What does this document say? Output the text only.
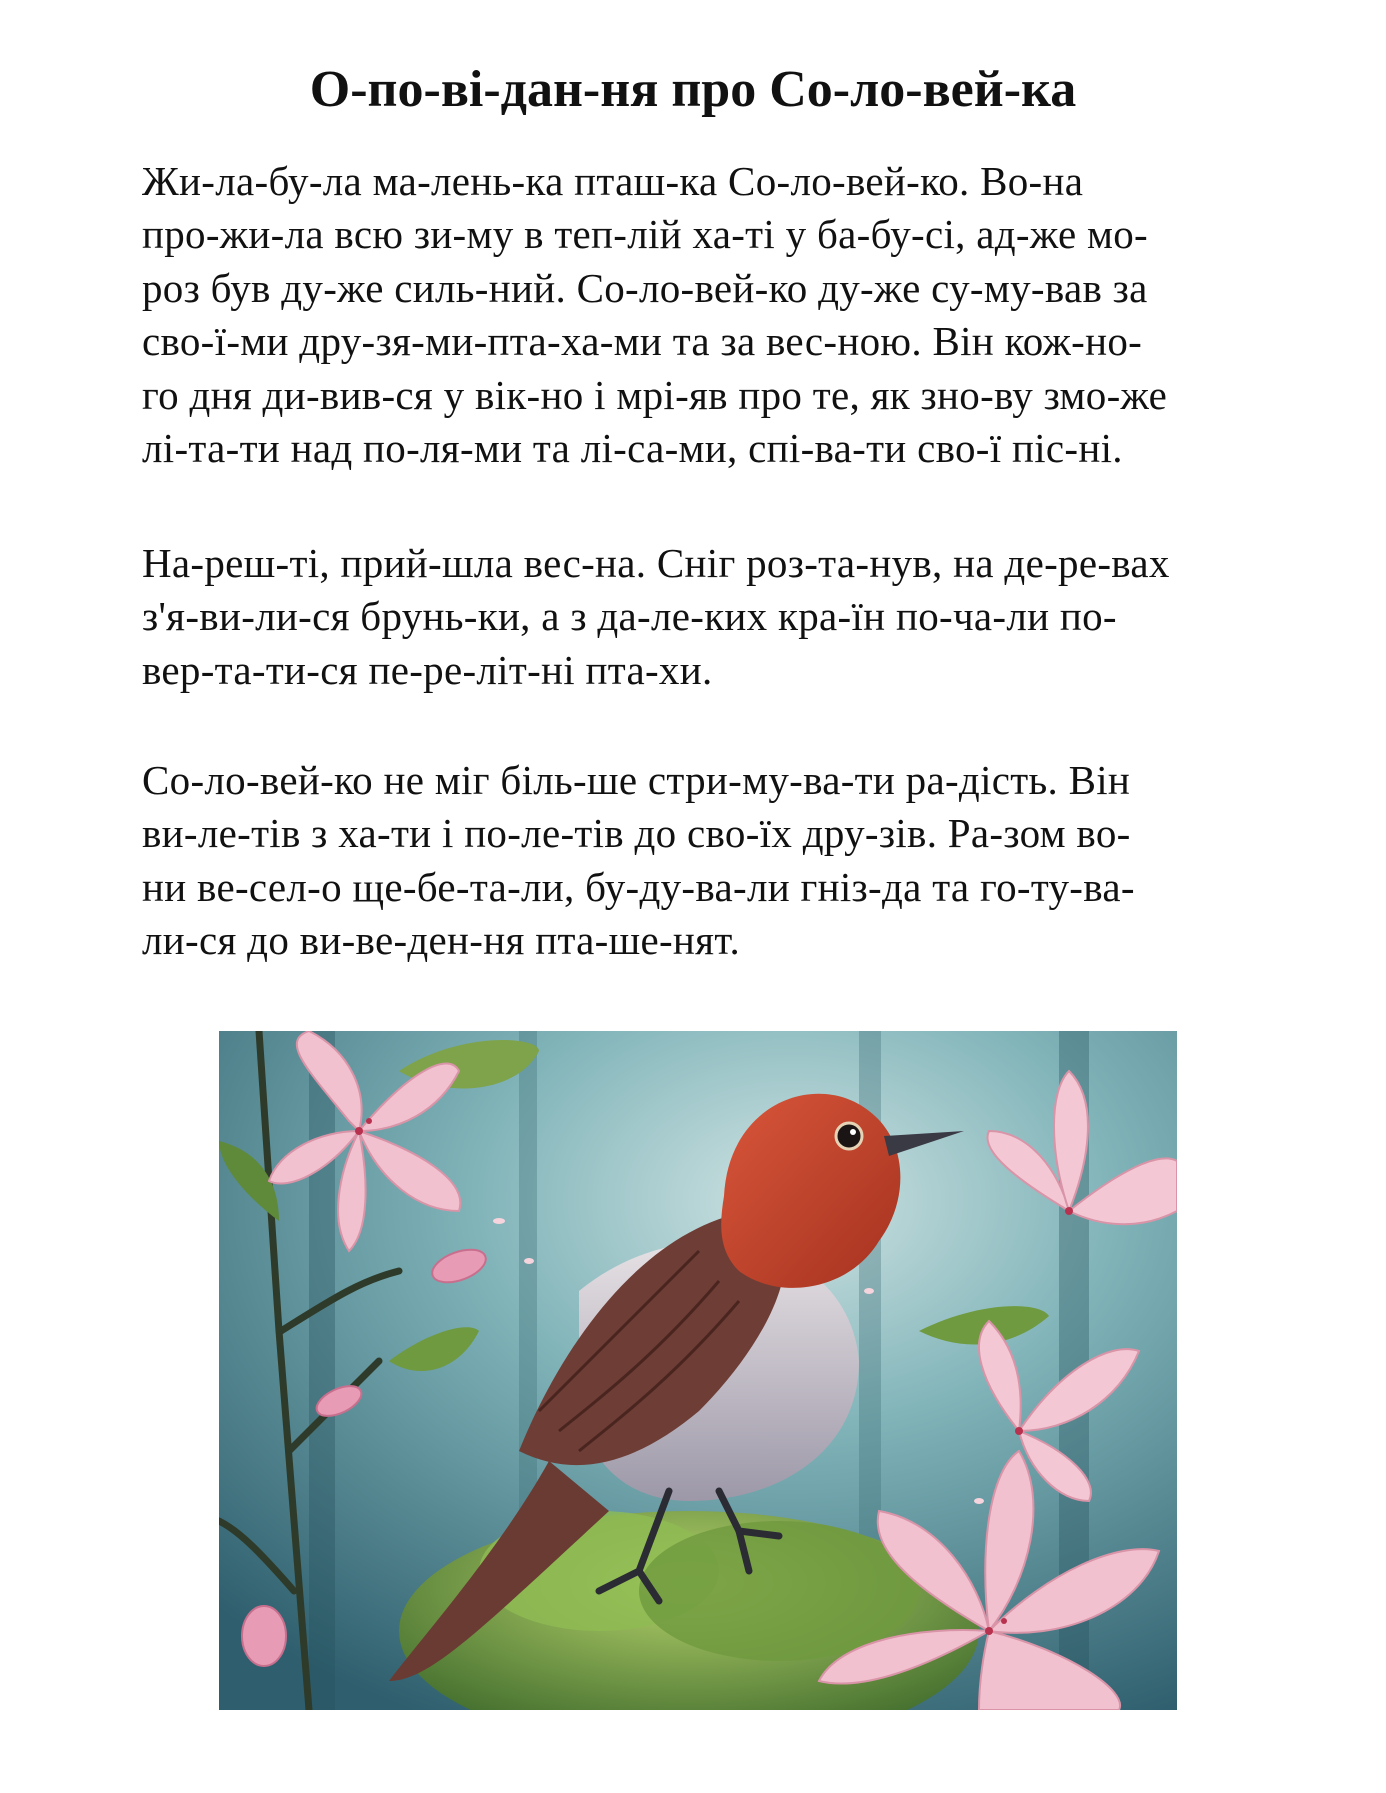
О-по-ві-дан-ня про Со-ло-вей-ка
Жи-ла-бу-ла ма-лень-ка пташ-ка Со-ло-вей-ко. Во-на
про-жи-ла всю зи-му в теп-лій ха-ті у ба-бу-сі, ад-же мо-
роз був ду-же силь-ний. Со-ло-вей-ко ду-же су-му-вав за
сво-ї-ми дру-зя-ми-пта-ха-ми та за вес-ною. Він кож-но-
го дня ди-вив-ся у вік-но і мрі-яв про те, як зно-ву змо-же
лі-та-ти над по-ля-ми та лі-са-ми, спі-ва-ти сво-ї піс-ні.
На-реш-ті, прий-шла вес-на. Сніг роз-та-нув, на де-ре-вах
з'я-ви-ли-ся брунь-ки, а з да-ле-ких кра-їн по-ча-ли по-
вер-та-ти-ся пе-ре-літ-ні пта-хи.
Со-ло-вей-ко не міг біль-ше стри-му-ва-ти ра-дість. Він
ви-ле-тів з ха-ти і по-ле-тів до сво-їх дру-зів. Ра-зом во-
ни ве-сел-о ще-бе-та-ли, бу-ду-ва-ли гніз-да та го-ту-ва-
ли-ся до ви-ве-ден-ня пта-ше-нят.
